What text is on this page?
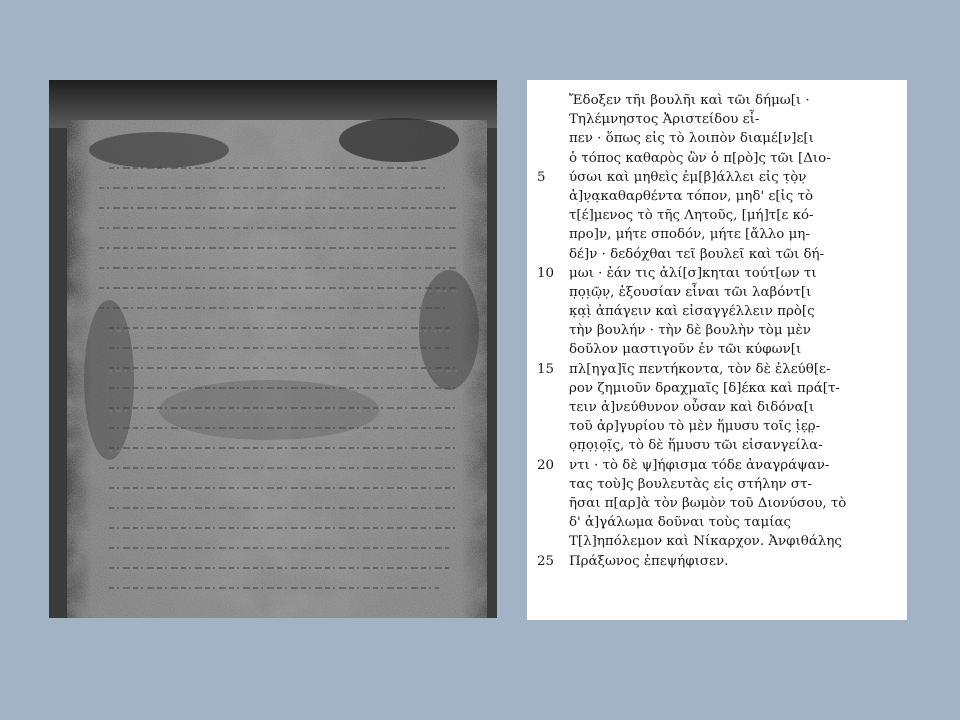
Ἔδοξεν τῆι βουλῆι καὶ τῶι δήμω[ι ·
Τηλέμνηστος Ἀριστείδου εἶ-
πεν · ὅπως εἰς τὸ λοιπὸν διαμέ[ν]ε[ι
ὁ τόπος καθαρὸς ὢν ὁ π[ρὸ]ς τῶι [Διο-
5	ύσωι καὶ μηθεὶς ἐμ[β]άλλει εἰς τ̣ὸ̣ν̣
ἀ]ν̣α̣καθαρθέντα τόπον, μηδ' ε[ἰς τὸ
τ[έ]μενος τὸ τῆς Λητοῦς, [μή]τ[ε κό-
προ]ν, μήτε σποδόν, μήτε [ἄλλο μη-
δέ]ν · δεδόχθαι τεῖ βουλεῖ καὶ τῶι δή-
10	μωι · ἐάν τις ἀλί[σ]κηται τούτ[ων τι
π̣ο̣ι̣ῶ̣ν̣, ἐξουσίαν εἶναι τῶι λαβόντ[ι
κ̣α̣ὶ̣ ἀπάγειν καὶ εἰσαγγέλλειν πρὸ[ς
τὴν βουλήν · τὴν δὲ βουλὴν τὸμ μὲν
δοῦλον μαστιγοῦν ἐν τῶι κύφων[ι
15	πλ[ηγα]ῖς πεντήκοντα, τὸν δὲ ἐλεύθ[ε-
ρον ζημιοῦν δραχμαῖς [δ]έκα καὶ πρά[τ-
τειν ἀ]νεύθυνον οὖσαν καὶ διδόνα[ι
τοῦ ἀρ]γυρίου τὸ μὲν ἥμυσυ τοῖς ἱ̣ε̣ρ̣-
ο̣π̣ο̣ι̣ο̣ῖ̣ς̣, τὸ δὲ ἥμυσυ τῶι εἰσανγείλα-
20	ντι · τὸ δὲ ψ]ήφισμα τόδε ἀναγράψαν-
τας τοὺ]ς βουλευτὰς εἰς στήλην στ-
ῆσαι π[αρ]ὰ τὸν βωμὸν τοῦ Διονύσου, τὸ
δ' ἀ]γ̣άλωμα δοῦναι τοὺς ταμίας
Τ[λ]ηπόλεμον καὶ Νίκαρχον. Ἀνφιθάλης
25	Πράξωνος ἐπεψήφισεν.
